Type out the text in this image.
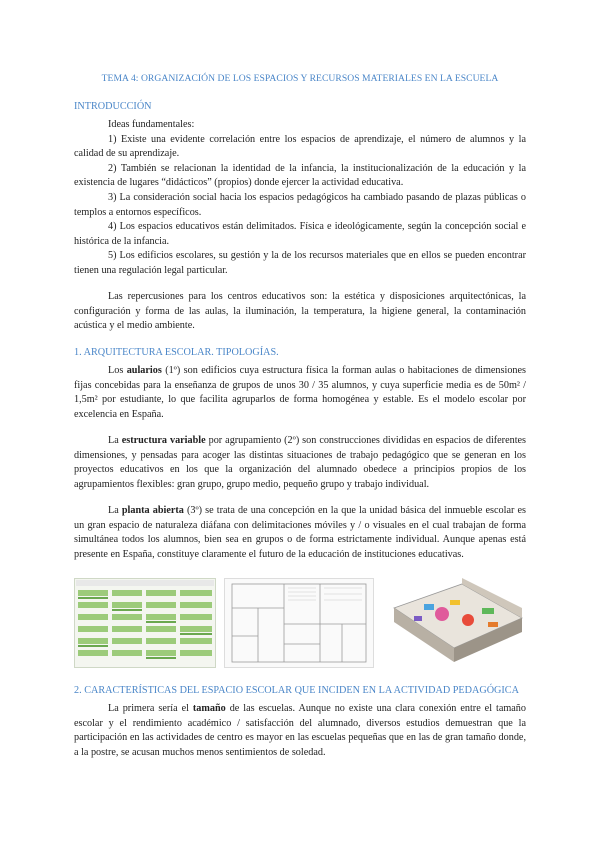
TEMA 4: ORGANIZACIÓN DE LOS ESPACIOS Y RECURSOS MATERIALES EN LA ESCUELA
INTRODUCCIÓN

Ideas fundamentales:

1) Existe una evidente correlación entre los espacios de aprendizaje, el número de alumnos y la calidad de su aprendizaje.

2) También se relacionan la identidad de la infancia, la institucionalización de la educación y la existencia de lugares “didácticos” (propios) donde ejercer la actividad educativa.

3) La consideración social hacia los espacios pedagógicos ha cambiado pasando de plazas públicas o templos a entornos específicos.

4) Los espacios educativos están delimitados. Física e ideológicamente, según la concepción social e histórica de la infancia.

5) Los edificios escolares, su gestión y la de los recursos materiales que en ellos se pueden encontrar tienen una regulación legal particular.

Las repercusiones para los centros educativos son: la estética y disposiciones arquitectónicas, la configuración y forma de las aulas, la iluminación, la temperatura, la higiene general, la contaminación acústica y el medio ambiente.

1. ARQUITECTURA ESCOLAR. TIPOLOGÍAS.

Los aularios (1º) son edificios cuya estructura física la forman aulas o habitaciones de dimensiones fijas concebidas para la enseñanza de grupos de unos 30 / 35 alumnos, y cuya superficie media es de 50m² / 1,5m² por estudiante, lo que facilita agruparlos de forma homogénea y estable. Es el modelo escolar por excelencia en España.

La estructura variable por agrupamiento (2º) son construcciones divididas en espacios de diferentes dimensiones, y pensadas para acoger las distintas situaciones de trabajo pedagógico que se generan en los proyectos educativos en los que la organización del alumnado obedece a principios propios de los agrupamientos flexibles: gran grupo, grupo medio, pequeño grupo y trabajo individual.

La planta abierta (3º) se trata de una concepción en la que la unidad básica del inmueble escolar es un gran espacio de naturaleza diáfana con delimitaciones móviles y / o visuales en el cual trabajan de forma simultánea todos los alumnos, bien sea en grupos o de forma estrictamente individual. Aunque apenas está presente en España, constituye claramente el futuro de la educación de instituciones educativas.

2. CARACTERÍSTICAS DEL ESPACIO ESCOLAR QUE INCIDEN EN LA ACTIVIDAD PEDAGÓGICA

La primera sería el tamaño de las escuelas. Aunque no existe una clara conexión entre el tamaño escolar y el rendimiento académico / satisfacción del alumnado, diversos estudios demuestran que la participación en las actividades de centro es mayor en las escuelas pequeñas que en las de gran tamaño donde, a la postre, se acusan muchos menos sentimientos de soledad.
